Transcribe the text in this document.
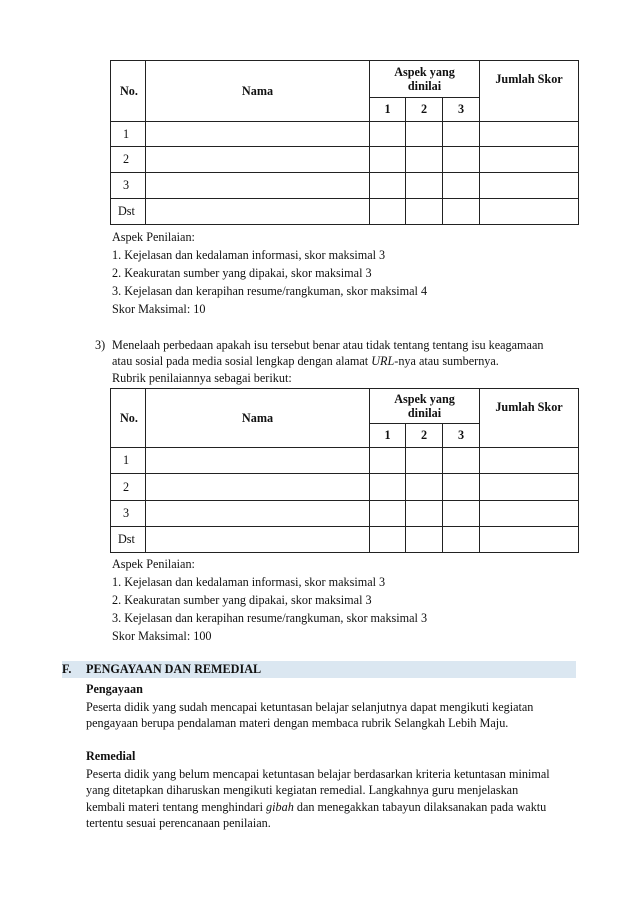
No.	Nama	Aspek yang
dinilai			Jumlah Skor
		1	2	3	
1					
2					
3					
Dst					
Aspek Penilaian:
1. Kejelasan dan kedalaman informasi, skor maksimal 3
2. Keakuratan sumber yang dipakai, skor maksimal 3
3. Kejelasan dan kerapihan resume/rangkuman, skor maksimal 4
Skor Maksimal: 10
3) Menelaah perbedaan apakah isu tersebut benar atau tidak tentang tentang isu keagamaan
atau sosial pada media sosial lengkap dengan alamat URL-nya atau sumbernya.
Rubrik penilaiannya sebagai berikut:
No.	Nama	Aspek yang
dinilai			Jumlah Skor
		1	2	3	
1					
2					
3					
Dst					
Aspek Penilaian:
1. Kejelasan dan kedalaman informasi, skor maksimal 3
2. Keakuratan sumber yang dipakai, skor maksimal 3
3. Kejelasan dan kerapihan resume/rangkuman, skor maksimal 3
Skor Maksimal: 100
F. PENGAYAAN DAN REMEDIAL
Pengayaan
Peserta didik yang sudah mencapai ketuntasan belajar selanjutnya dapat mengikuti kegiatan
pengayaan berupa pendalaman materi dengan membaca rubrik Selangkah Lebih Maju.
Remedial
Peserta didik yang belum mencapai ketuntasan belajar berdasarkan kriteria ketuntasan minimal
yang ditetapkan diharuskan mengikuti kegiatan remedial. Langkahnya guru menjelaskan
kembali materi tentang menghindari gibah dan menegakkan tabayun dilaksanakan pada waktu
tertentu sesuai perencanaan penilaian.
